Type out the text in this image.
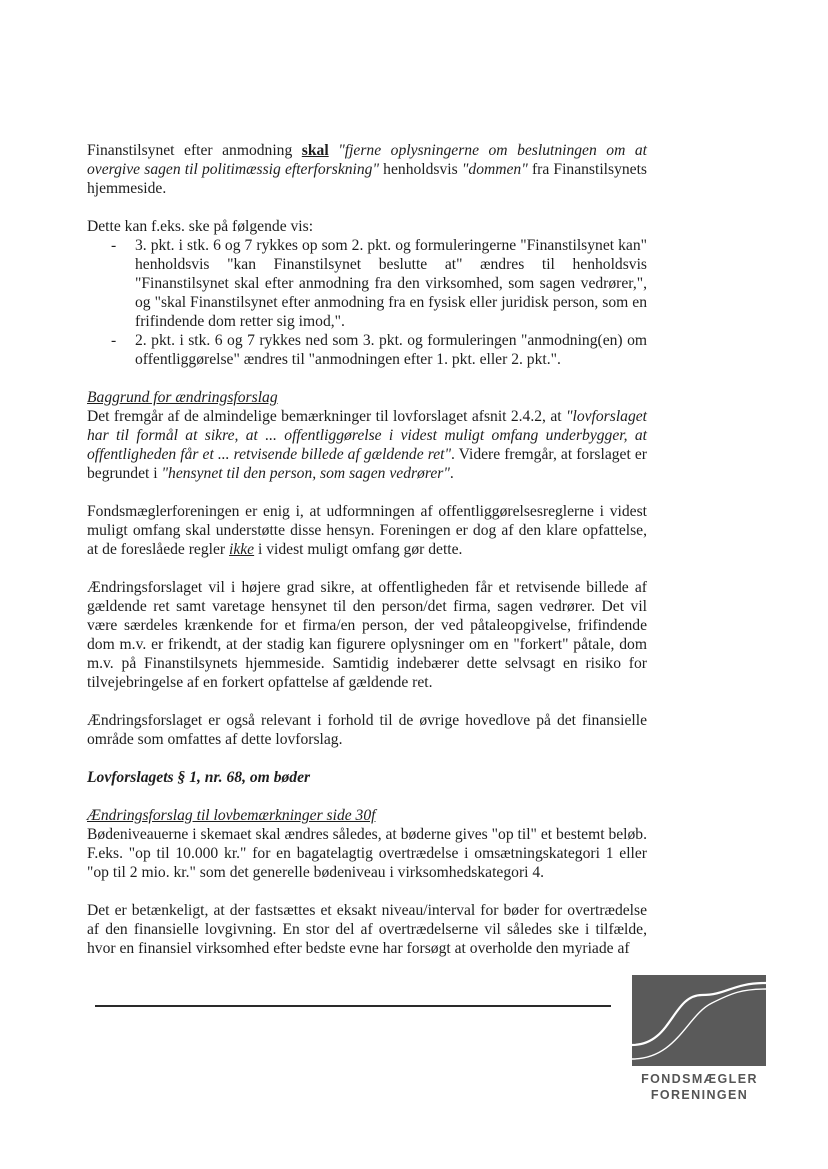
Finanstilsynet efter anmodning skal "fjerne oplysningerne om beslutningen om at overgive sagen til politimæssig efterforskning" henholdsvis "dommen" fra Finanstilsynets hjemmeside.

Dette kan f.eks. ske på følgende vis:

- 3. pkt. i stk. 6 og 7 rykkes op som 2. pkt. og formuleringerne "Finanstilsynet kan" henholdsvis "kan Finanstilsynet beslutte at" ændres til henholdsvis "Finanstilsynet skal efter anmodning fra den virksomhed, som sagen vedrører,", og "skal Finanstilsynet efter anmodning fra en fysisk eller juridisk person, som en frifindende dom retter sig imod,".
- 2. pkt. i stk. 6 og 7 rykkes ned som 3. pkt. og formuleringen "anmodning(en) om offentliggørelse" ændres til "anmodningen efter 1. pkt. eller 2. pkt.".

Baggrund for ændringsforslag

Det fremgår af de almindelige bemærkninger til lovforslaget afsnit 2.4.2, at "lovforslaget har til formål at sikre, at ... offentliggørelse i videst muligt omfang underbygger, at offentligheden får et ... retvisende billede af gældende ret". Videre fremgår, at forslaget er begrundet i "hensynet til den person, som sagen vedrører".

Fondsmæglerforeningen er enig i, at udformningen af offentliggørelsesreglerne i videst muligt omfang skal understøtte disse hensyn. Foreningen er dog af den klare opfattelse, at de foreslåede regler ikke i videst muligt omfang gør dette.

Ændringsforslaget vil i højere grad sikre, at offentligheden får et retvisende billede af gældende ret samt varetage hensynet til den person/det firma, sagen vedrører. Det vil være særdeles krænkende for et firma/en person, der ved påtaleopgivelse, frifindende dom m.v. er frikendt, at der stadig kan figurere oplysninger om en "forkert" påtale, dom m.v. på Finanstilsynets hjemmeside. Samtidig indebærer dette selvsagt en risiko for tilvejebringelse af en forkert opfattelse af gældende ret.

Ændringsforslaget er også relevant i forhold til de øvrige hovedlove på det finansielle område som omfattes af dette lovforslag.

Lovforslagets § 1, nr. 68, om bøder

Ændringsforslag til lovbemærkninger side 30f

Bødeniveauerne i skemaet skal ændres således, at bøderne gives "op til" et bestemt beløb. F.eks. "op til 10.000 kr." for en bagatelagtig overtrædelse i omsætningskategori 1 eller "op til 2 mio. kr." som det generelle bødeniveau i virksomhedskategori 4.

Det er betænkeligt, at der fastsættes et eksakt niveau/interval for bøder for overtrædelse af den finansielle lovgivning. En stor del af overtrædelserne vil således ske i tilfælde, hvor en finansiel virksomhed efter bedste evne har forsøgt at overholde den myriade af

FONDSMÆGLER
FORENINGEN
